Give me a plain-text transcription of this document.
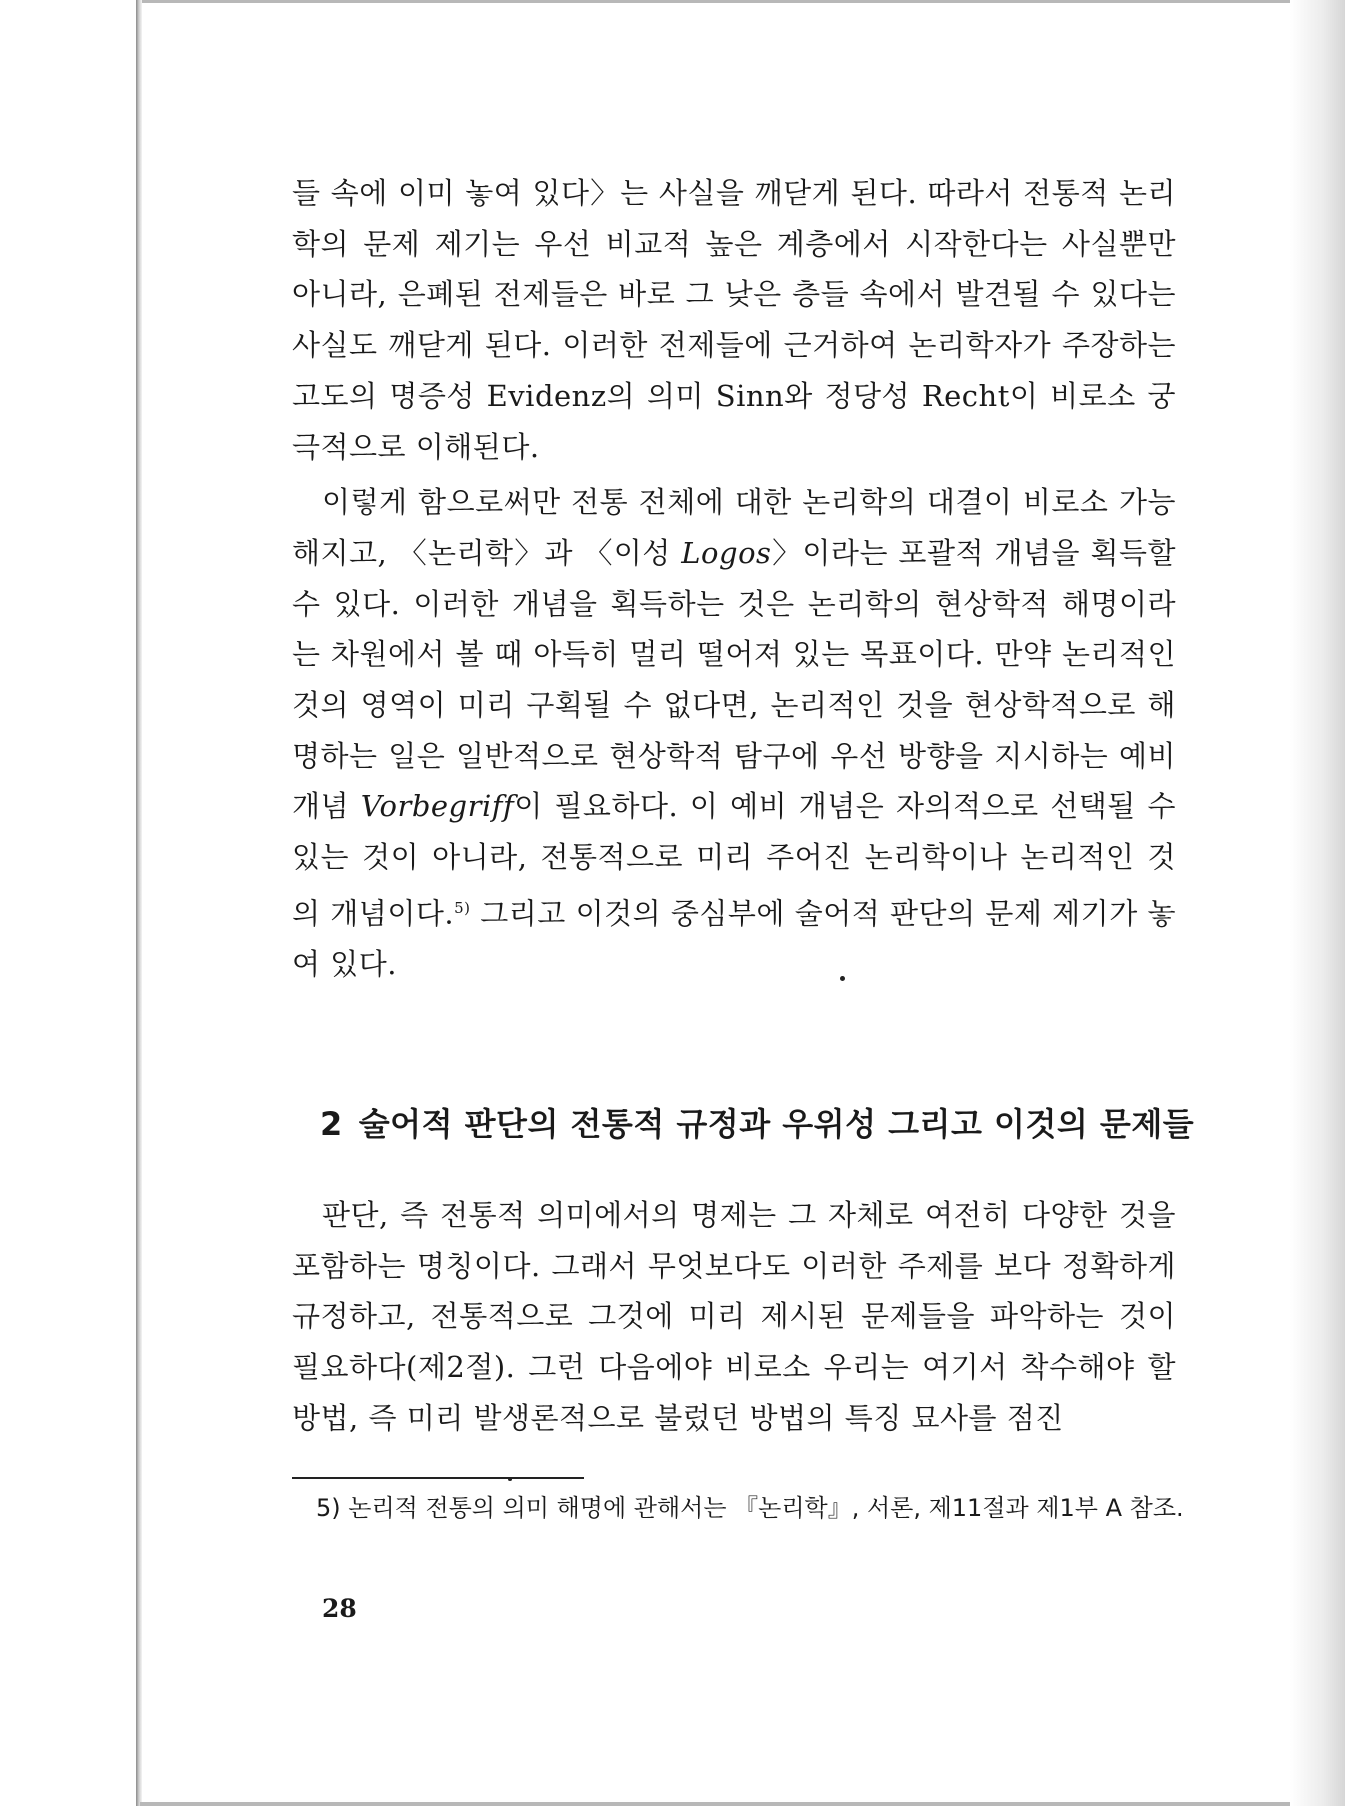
들 속에 이미 놓여 있다〉는 사실을 깨닫게 된다. 따라서 전통적 논리학의 문제 제기는 우선 비교적 높은 계층에서 시작한다는 사실뿐만 아니라, 은폐된 전제들은 바로 그 낮은 층들 속에서 발견될 수 있다는 사실도 깨닫게 된다. 이러한 전제들에 근거하여 논리학자가 주장하는 고도의 명증성 Evidenz의 의미 Sinn와 정당성 Recht이 비로소 궁극적으로 이해된다.

이렇게 함으로써만 전통 전체에 대한 논리학의 대결이 비로소 가능해지고, 〈논리학〉과 〈이성 Logos〉이라는 포괄적 개념을 획득할 수 있다. 이러한 개념을 획득하는 것은 논리학의 현상학적 해명이라는 차원에서 볼 때 아득히 멀리 떨어져 있는 목표이다. 만약 논리적인 것의 영역이 미리 구획될 수 없다면, 논리적인 것을 현상학적으로 해명하는 일은 일반적으로 현상학적 탐구에 우선 방향을 지시하는 예비 개념 Vorbegriff이 필요하다. 이 예비 개념은 자의적으로 선택될 수 있는 것이 아니라, 전통적으로 미리 주어진 논리학이나 논리적인 것의 개념이다.$^{5)}$ 그리고 이것의 중심부에 술어적 판단의 문제 제기가 놓여 있다.

2 술어적 판단의 전통적 규정과 우위성 그리고 이것의 문제들

판단, 즉 전통적 의미에서의 명제는 그 자체로 여전히 다양한 것을 포함하는 명칭이다. 그래서 무엇보다도 이러한 주제를 보다 정확하게 규정하고, 전통적으로 그것에 미리 제시된 문제들을 파악하는 것이 필요하다(제2절). 그런 다음에야 비로소 우리는 여기서 착수해야 할 방법, 즉 미리 발생론적으로 불렀던 방법의 특징 묘사를 점진

5) 논리적 전통의 의미 해명에 관해서는 『논리학』, 서론, 제11절과 제1부 A 참조.

28
